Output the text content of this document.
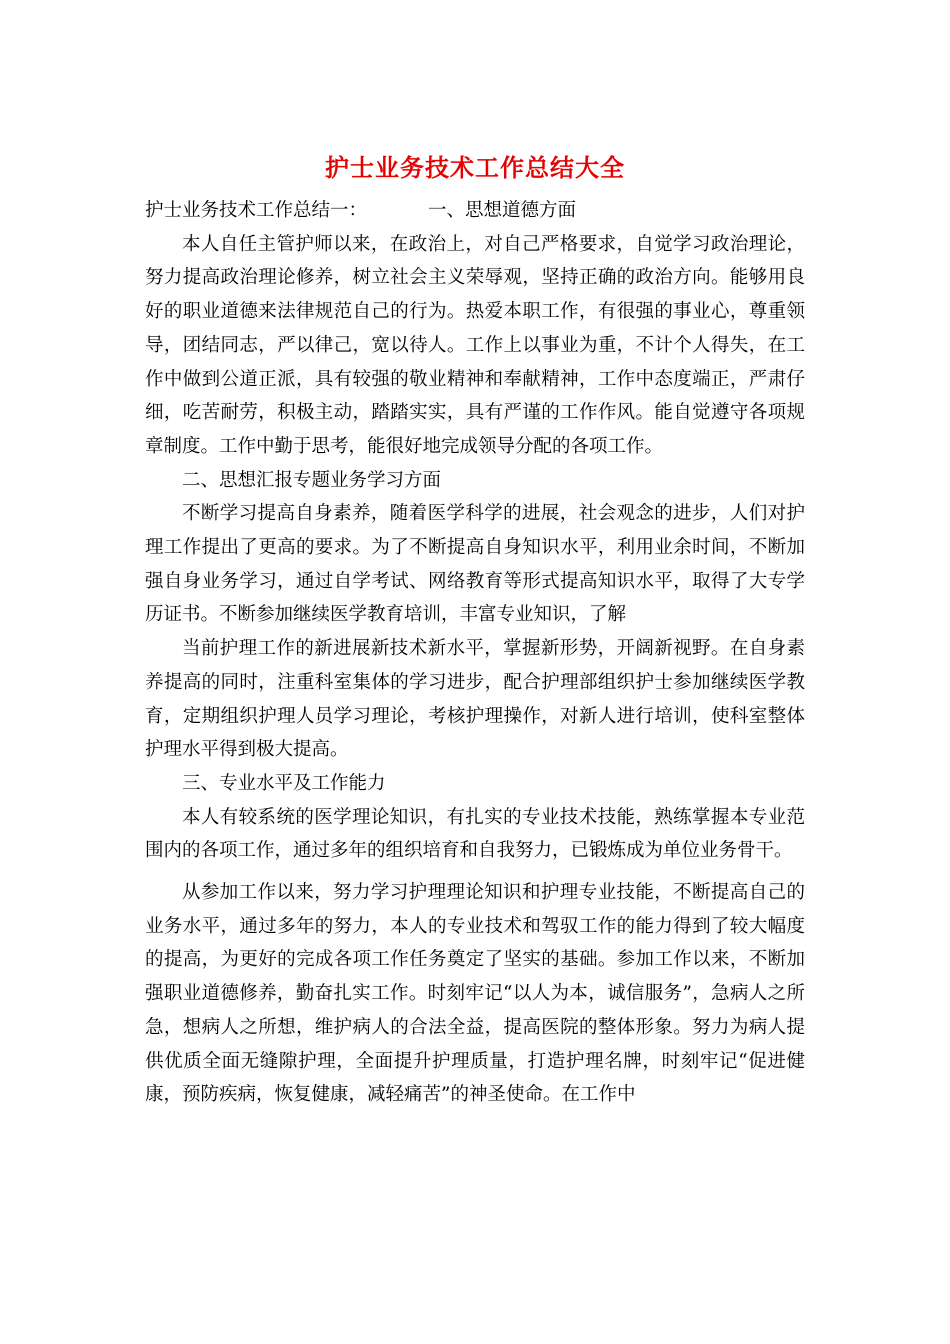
护士业务技术工作总结大全
护士业务技术工作总结一：	一、思想道德方面

本人自任主管护师以来，在政治上，对自己严格要求，自觉学习政治理论，努力提高政治理论修养，树立社会主义荣辱观，坚持正确的政治方向。能够用良好的职业道德来法律规范自己的行为。热爱本职工作，有很强的事业心，尊重领导，团结同志，严以律己，宽以待人。工作上以事业为重，不计个人得失，在工作中做到公道正派，具有较强的敬业精神和奉献精神，工作中态度端正，严肃仔细，吃苦耐劳，积极主动，踏踏实实，具有严谨的工作作风。能自觉遵守各项规章制度。工作中勤于思考，能很好地完成领导分配的各项工作。

二、思想汇报专题业务学习方面

不断学习提高自身素养，随着医学科学的进展，社会观念的进步，人们对护理工作提出了更高的要求。为了不断提高自身知识水平，利用业余时间，不断加强自身业务学习，通过自学考试、网络教育等形式提高知识水平，取得了大专学历证书。不断参加继续医学教育培训，丰富专业知识，了解

当前护理工作的新进展新技术新水平，掌握新形势，开阔新视野。在自身素养提高的同时，注重科室集体的学习进步，配合护理部组织护士参加继续医学教育，定期组织护理人员学习理论，考核护理操作，对新人进行培训，使科室整体护理水平得到极大提高。

三、专业水平及工作能力

本人有较系统的医学理论知识，有扎实的专业技术技能，熟练掌握本专业范围内的各项工作，通过多年的组织培育和自我努力，已锻炼成为单位业务骨干。

从参加工作以来，努力学习护理理论知识和护理专业技能，不断提高自己的业务水平，通过多年的努力，本人的专业技术和驾驭工作的能力得到了较大幅度的提高，为更好的完成各项工作任务奠定了坚实的基础。参加工作以来，不断加强职业道德修养，勤奋扎实工作。时刻牢记“以人为本，诚信服务”，急病人之所急，想病人之所想，维护病人的合法全益，提高医院的整体形象。努力为病人提供优质全面无缝隙护理，全面提升护理质量，打造护理名牌，时刻牢记“促进健康，预防疾病，恢复健康，减轻痛苦”的神圣使命。在工作中
